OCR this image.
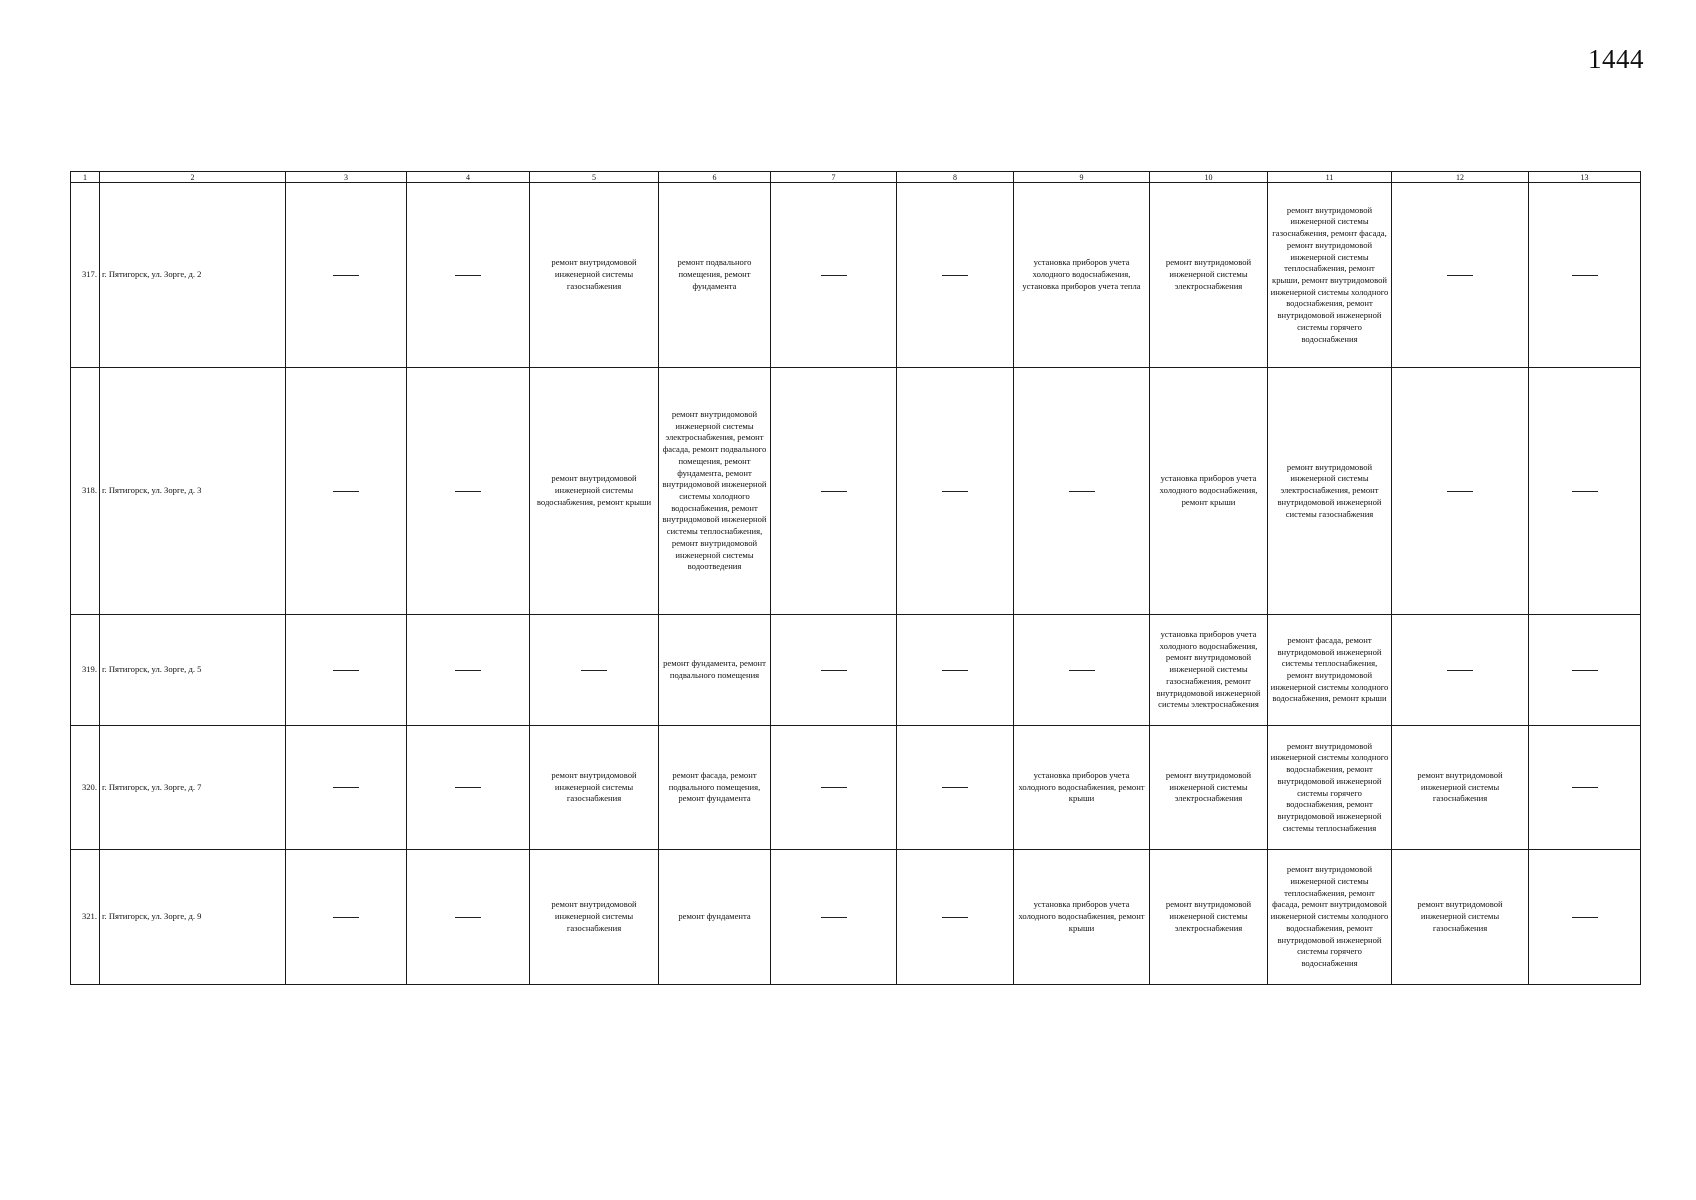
1444
1	2	3	4	5	6	7	8	9	10	11	12	13
317.	г. Пятигорск, ул. Зорге, д. 2			ремонт внутридомовой инженерной системы газоснабжения	ремонт подвального помещения, ремонт фундамента			установка приборов учета холодного водоснабжения, установка приборов учета тепла	ремонт внутридомовой инженерной системы электроснабжения	ремонт внутридомовой инженерной системы газоснабжения, ремонт фасада, ремонт внутридомовой инженерной системы теплоснабжения, ремонт крыши, ремонт внутридомовой инженерной системы холодного водоснабжения, ремонт внутридомовой инженерной системы горячего водоснабжения		
318.	г. Пятигорск, ул. Зорге, д. 3			ремонт внутридомовой инженерной системы водоснабжения, ремонт крыши	ремонт внутридомовой инженерной системы электроснабжения, ремонт фасада, ремонт подвального помещения, ремонт фундамента, ремонт внутридомовой инженерной системы холодного водоснабжения, ремонт внутридомовой инженерной системы теплоснабжения, ремонт внутридомовой инженерной системы водоотведения				установка приборов учета холодного водоснабжения, ремонт крыши	ремонт внутридомовой инженерной системы электроснабжения, ремонт внутридомовой инженерной системы газоснабжения		
319.	г. Пятигорск, ул. Зорге, д. 5				ремонт фундамента, ремонт подвального помещения				установка приборов учета холодного водоснабжения, ремонт внутридомовой инженерной системы газоснабжения, ремонт внутридомовой инженерной системы электроснабжения	ремонт фасада, ремонт внутридомовой инженерной системы теплоснабжения, ремонт внутридомовой инженерной системы холодного водоснабжения, ремонт крыши		
320.	г. Пятигорск, ул. Зорге, д. 7			ремонт внутридомовой инженерной системы газоснабжения	ремонт фасада, ремонт подвального помещения, ремонт фундамента			установка приборов учета холодного водоснабжения, ремонт крыши	ремонт внутридомовой инженерной системы электроснабжения	ремонт внутридомовой инженерной системы холодного водоснабжения, ремонт внутридомовой инженерной системы горячего водоснабжения, ремонт внутридомовой инженерной системы теплоснабжения	ремонт внутридомовой инженерной системы газоснабжения	
321.	г. Пятигорск, ул. Зорге, д. 9			ремонт внутридомовой инженерной системы газоснабжения	ремонт фундамента			установка приборов учета холодного водоснабжения, ремонт крыши	ремонт внутридомовой инженерной системы электроснабжения	ремонт внутридомовой инженерной системы теплоснабжения, ремонт фасада, ремонт внутридомовой инженерной системы холодного водоснабжения, ремонт внутридомовой инженерной системы горячего водоснабжения	ремонт внутридомовой инженерной системы газоснабжения	
